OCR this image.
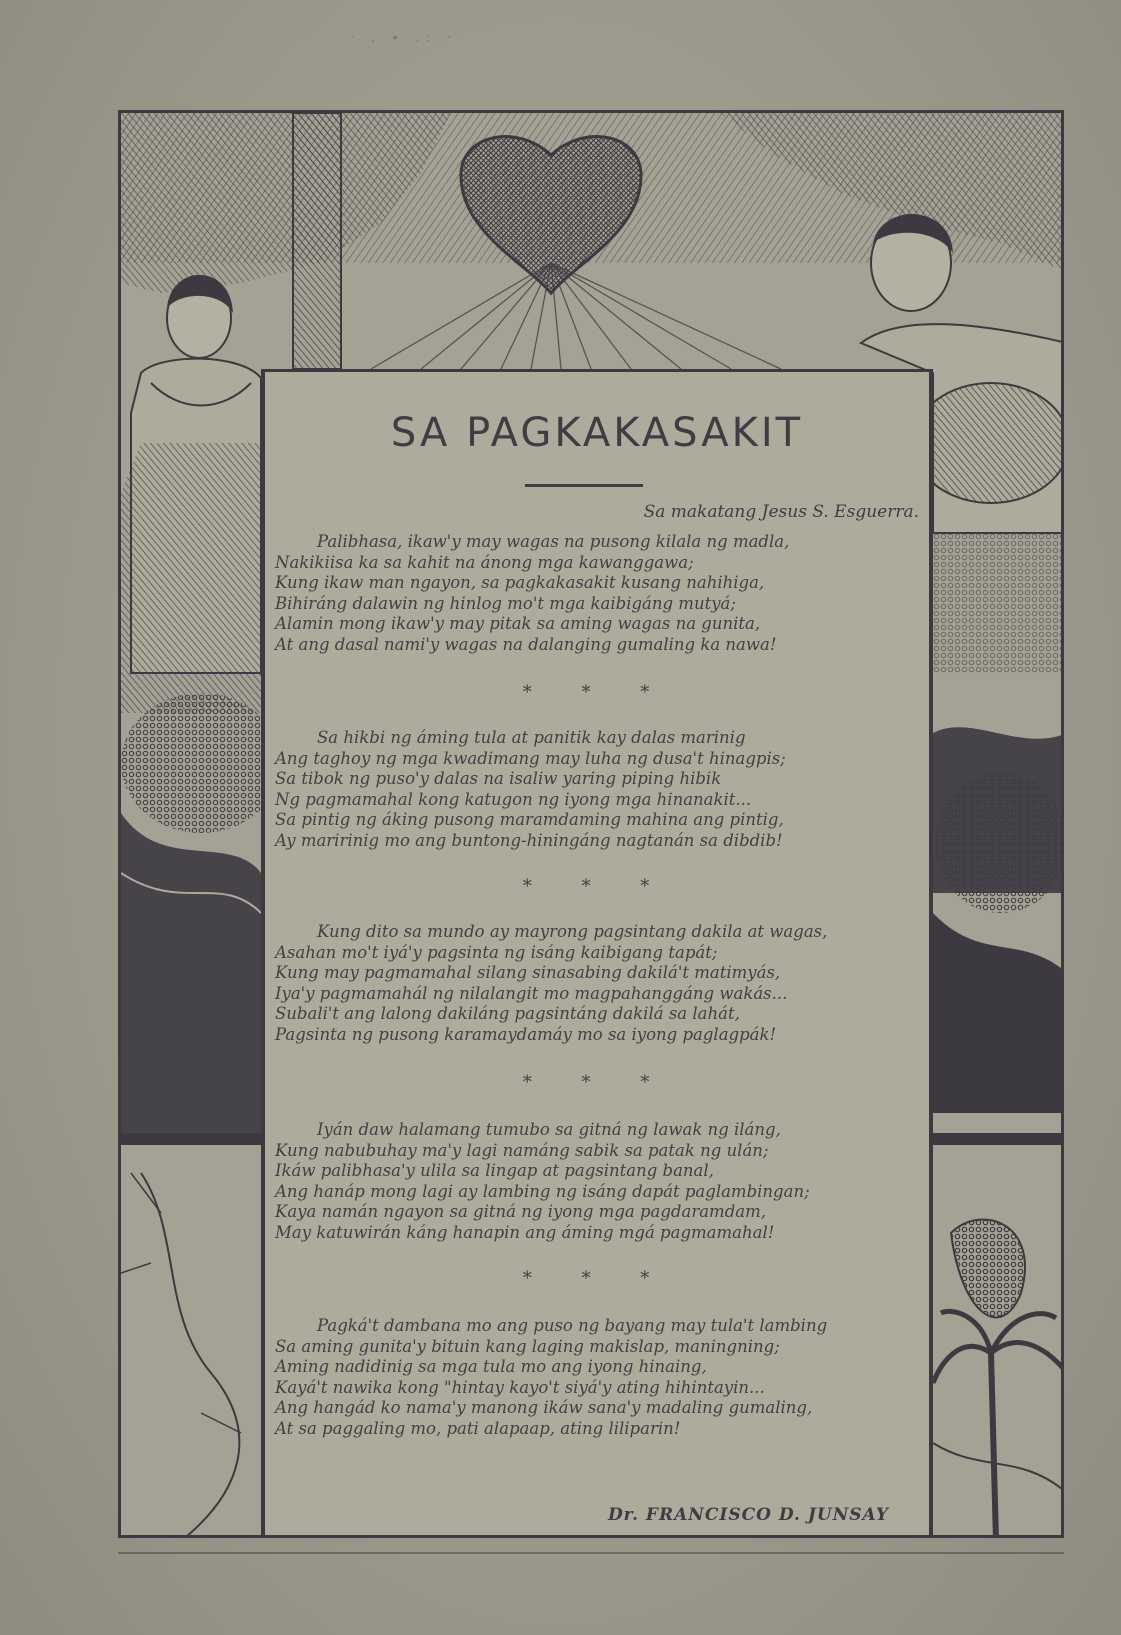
· . ∙ .: ·
SA PAGKAKASAKIT
Sa makatang Jesus S. Esguerra.
Palibhasa, ikaw'y may wagas na pusong kilala ng madla,
Nakikiisa ka sa kahit na ánong mga kawanggawa;
Kung ikaw man ngayon, sa pagkakasakit kusang nahihiga,
Bihiráng dalawin ng hinlog mo't mga kaibigáng mutyá;
Alamin mong ikaw'y may pitak sa aming wagas na gunita,
At ang dasal nami'y wagas na dalanging gumaling ka nawa!
* * *
Sa hikbi ng áming tula at panitik kay dalas marinig
Ang taghoy ng mga kwadimang may luha ng dusa't hinagpis;
Sa tibok ng puso'y dalas na isaliw yaring piping hibik
Ng pagmamahal kong katugon ng iyong mga hinanakit...
Sa pintig ng áking pusong maramdaming mahina ang pintig,
Ay maririnig mo ang buntong-hiningáng nagtanán sa dibdib!
* * *
Kung dito sa mundo ay mayrong pagsintang dakila at wagas,
Asahan mo't iyá'y pagsinta ng isáng kaibigang tapát;
Kung may pagmamahal silang sinasabing dakilá't matimyás,
Iya'y pagmamahál ng nilalangit mo magpahanggáng wakás...
Subali't ang lalong dakiláng pagsintáng dakilá sa lahát,
Pagsinta ng pusong karamaydamáy mo sa iyong paglagpák!
* * *
Iyán daw halamang tumubo sa gitná ng lawak ng iláng,
Kung nabubuhay ma'y lagi namáng sabik sa patak ng ulán;
Ikáw palibhasa'y ulila sa lingap at pagsintang banal,
Ang hanáp mong lagi ay lambing ng isáng dapát paglambingan;
Kaya namán ngayon sa gitná ng iyong mga pagdaramdam,
May katuwirán káng hanapin ang áming mgá pagmamahal!
* * *
Pagká't dambana mo ang puso ng bayang may tula't lambing
Sa aming gunita'y bituin kang laging makislap, maningning;
Aming nadidinig sa mga tula mo ang iyong hinaing,
Kayá't nawika kong "hintay kayo't siyá'y ating hihintayin...
Ang hangád ko nama'y manong ikáw sana'y madaling gumaling,
At sa paggaling mo, pati alapaap, ating liliparin!
Dr. FRANCISCO D. JUNSAY
